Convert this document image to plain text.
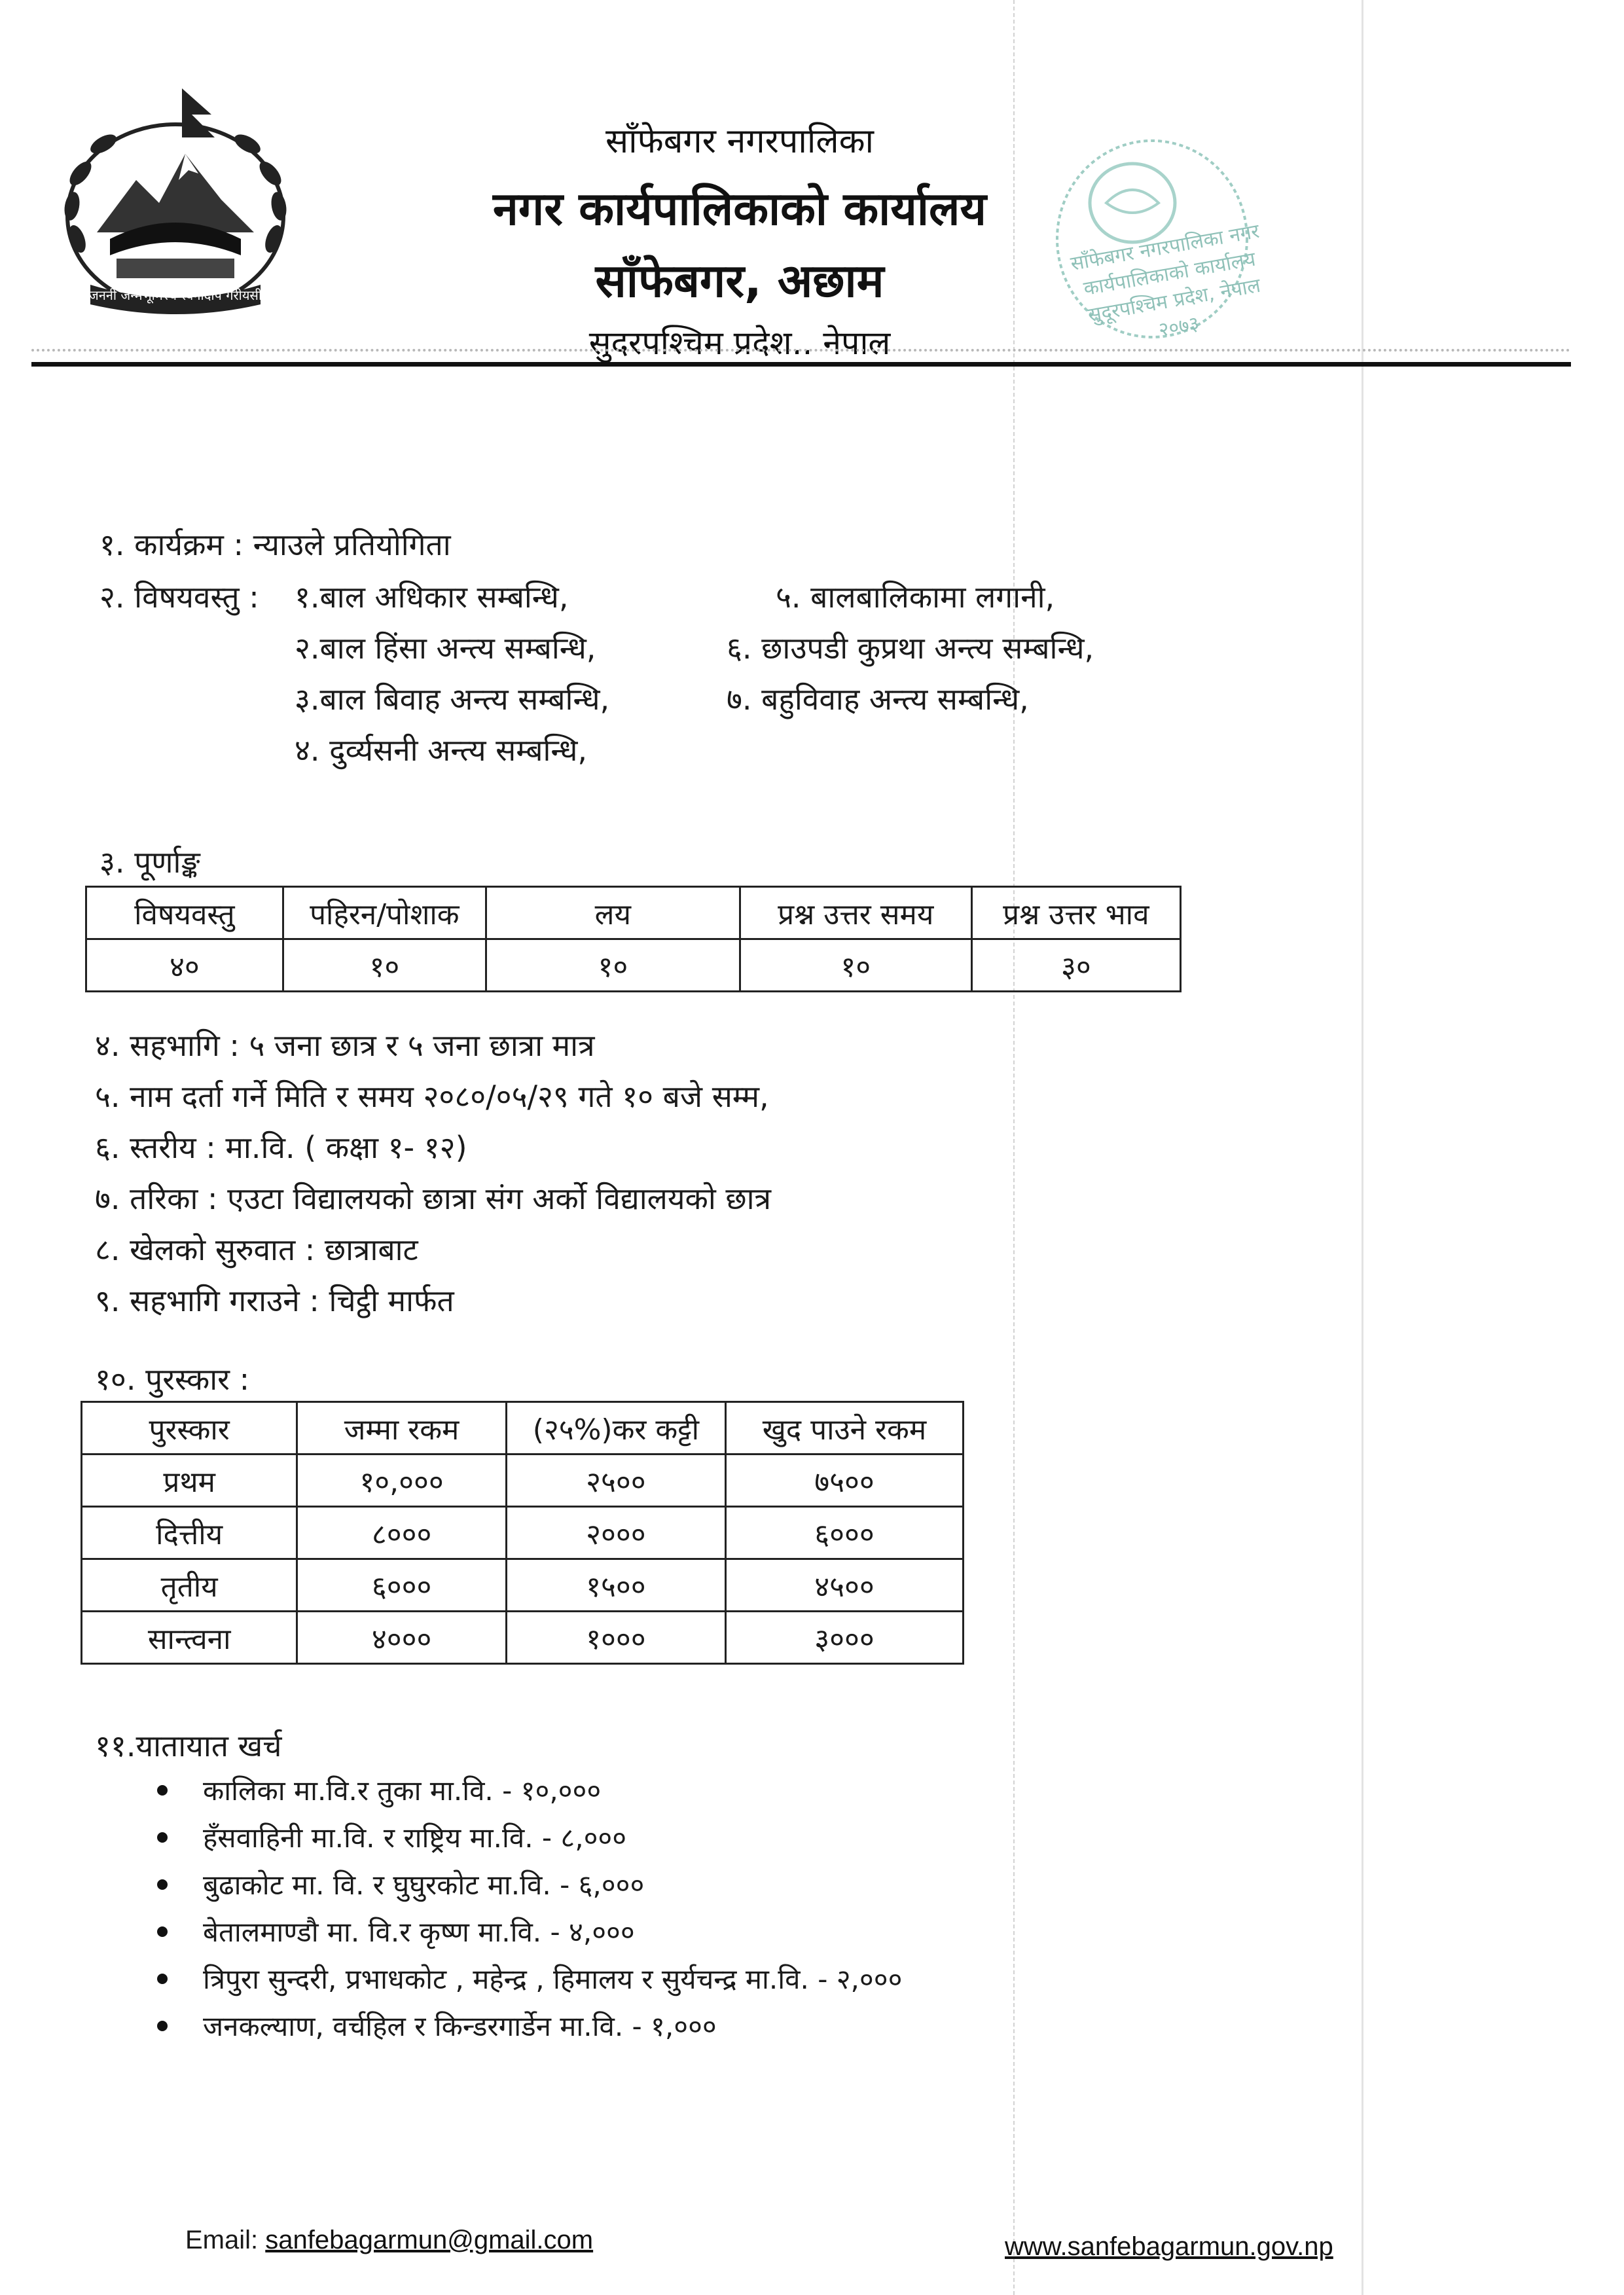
जननी जन्मभूमिश्च स्वर्गादपि गरीयसी
साँफेबगर नगरपालिका नगर कार्यपालिकाको कार्यालय सुदूरपश्चिम प्रदेश, नेपाल २०७३
साँफेबगर नगरपालिका
नगर कार्यपालिकाको कार्यालय
साँफेबगर, अछाम
सुदरपश्चिम प्रदेश.. नेपाल
१. कार्यक्रम : न्याउले प्रतियोगिता
२. विषयवस्तु : १.बाल अधिकार सम्बन्धि,
२.बाल हिंसा अन्त्य सम्बन्धि,
३.बाल बिवाह अन्त्य सम्बन्धि,
४. दुर्व्यसनी अन्त्य सम्बन्धि,
५. बालबालिकामा लगानी,
६. छाउपडी कुप्रथा अन्त्य सम्बन्धि,
७. बहुविवाह अन्त्य सम्बन्धि,
३. पूर्णाङ्क
विषयवस्तु	पहिरन/पोशाक	लय	प्रश्न उत्तर समय	प्रश्न उत्तर भाव
४०	१०	१०	१०	३०
४. सहभागि : ५ जना छात्र र ५ जना छात्रा मात्र
५. नाम दर्ता गर्ने मिति र समय २०८०/०५/२९ गते १० बजे सम्म,
६. स्तरीय : मा.वि. ( कक्षा १- १२)
७. तरिका : एउटा विद्यालयको छात्रा संग अर्को विद्यालयको छात्र
८. खेलको सुरुवात : छात्राबाट
९. सहभागि गराउने : चिट्ठी मार्फत
१०. पुरस्कार :
पुरस्कार	जम्मा रकम	(२५%)कर कट्टी	खुद पाउने रकम
प्रथम	१०,०००	२५००	७५००
दित्तीय	८०००	२०००	६०००
तृतीय	६०००	१५००	४५००
सान्त्वना	४०००	१०००	३०००
११.यातायात खर्च
कालिका मा.वि.र तुका मा.वि. - १०,०००
हँसवाहिनी मा.वि. र राष्ट्रिय मा.वि. - ८,०००
बुढाकोट मा. वि. र घुघुरकोट मा.वि. - ६,०००
बेतालमाण्डौ मा. वि.र कृष्ण मा.वि. - ४,०००
त्रिपुरा सुन्दरी, प्रभाधकोट , महेन्द्र , हिमालय र सुर्यचन्द्र मा.वि. - २,०००
जनकल्याण, वर्चहिल र किन्डरगार्डेन मा.वि. - १,०००
Email: sanfebagarmun@gmail.com	www.sanfebagarmun.gov.np
